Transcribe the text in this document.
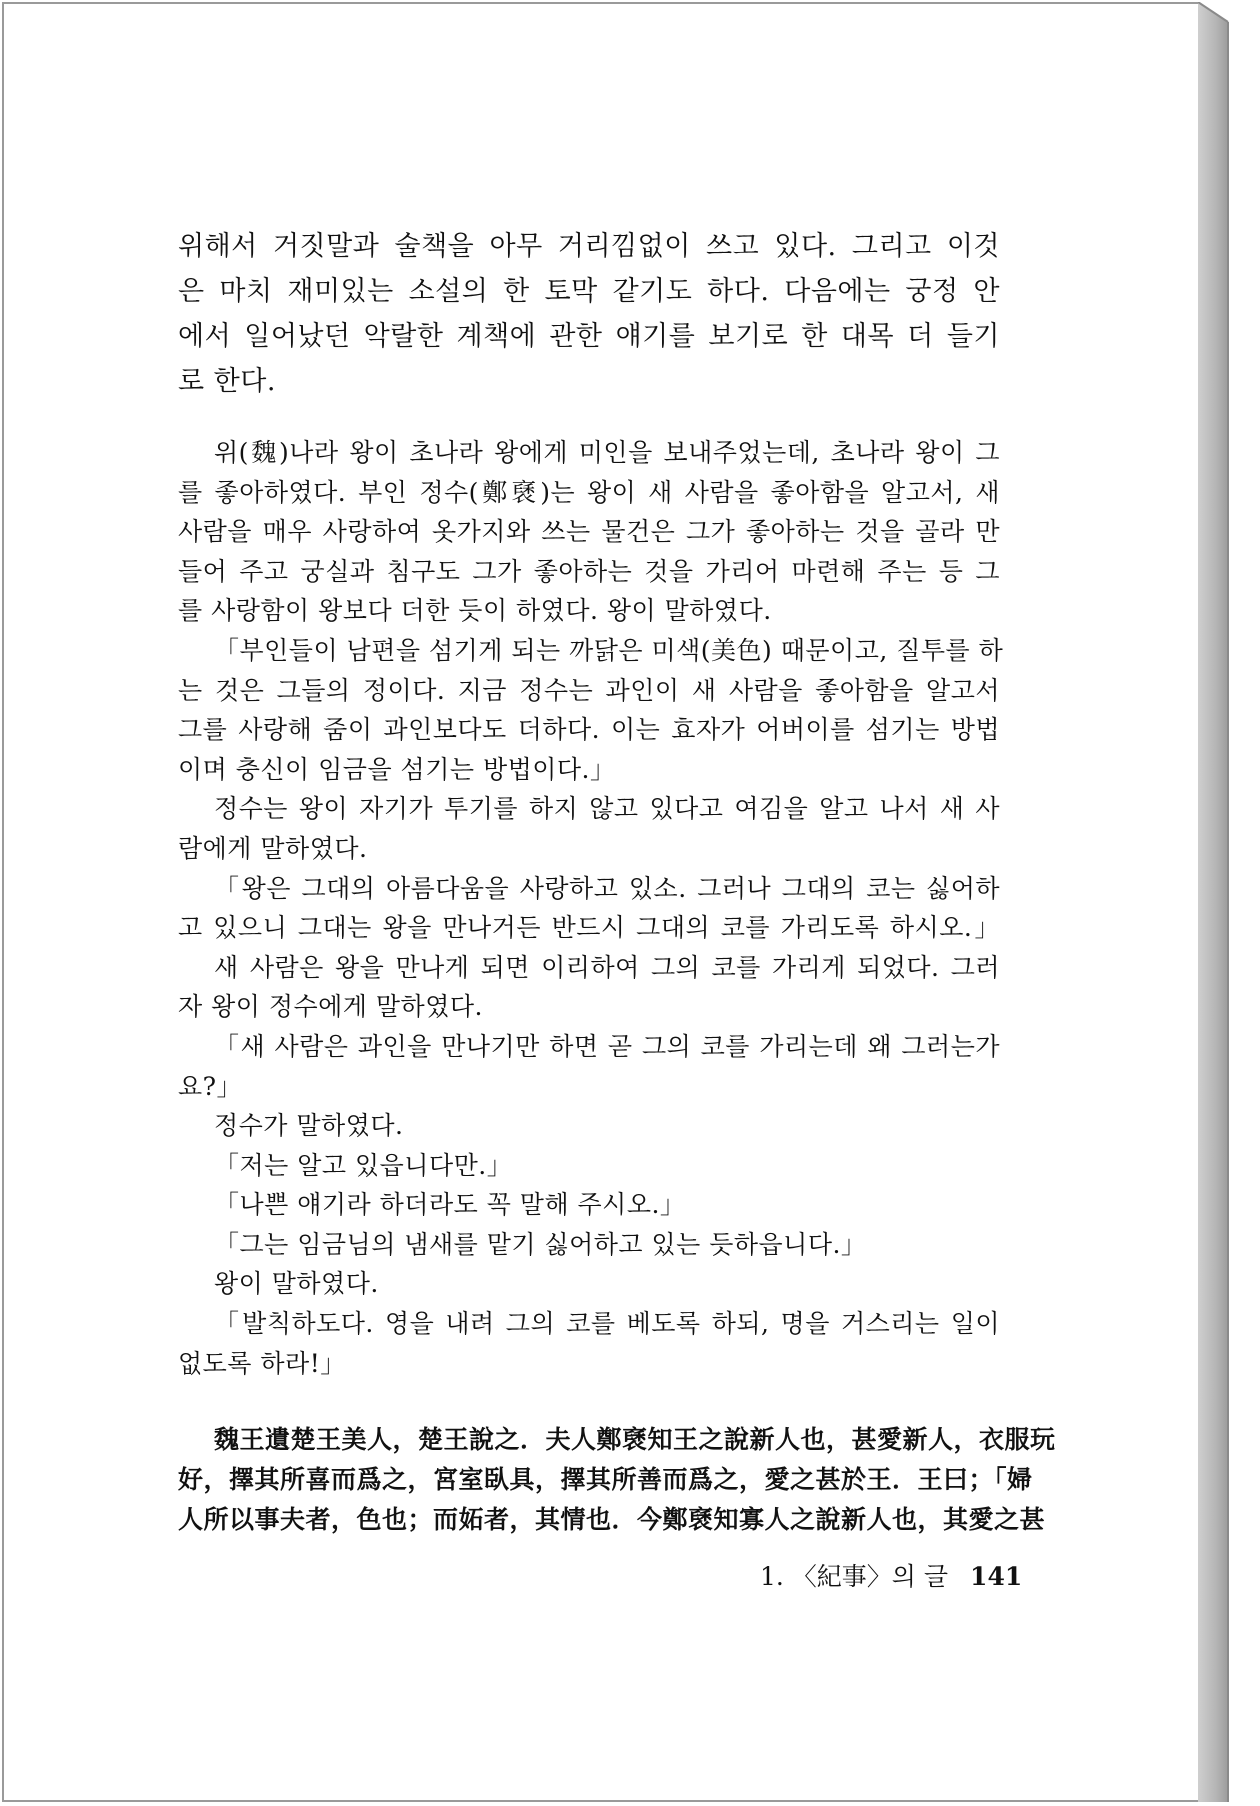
위해서 거짓말과 술책을 아무 거리낌없이 쓰고 있다. 그리고 이것
은 마치 재미있는 소설의 한 토막 같기도 하다. 다음에는 궁정 안
에서 일어났던 악랄한 계책에 관한 얘기를 보기로 한 대목 더 들기
로 한다.
위(魏)나라 왕이 초나라 왕에게 미인을 보내주었는데, 초나라 왕이 그
를 좋아하였다. 부인 정수(鄭褎)는 왕이 새 사람을 좋아함을 알고서, 새
사람을 매우 사랑하여 옷가지와 쓰는 물건은 그가 좋아하는 것을 골라 만
들어 주고 궁실과 침구도 그가 좋아하는 것을 가리어 마련해 주는 등 그
를 사랑함이 왕보다 더한 듯이 하였다. 왕이 말하였다.
「부인들이 남편을 섬기게 되는 까닭은 미색(美色) 때문이고, 질투를 하
는 것은 그들의 정이다. 지금 정수는 과인이 새 사람을 좋아함을 알고서
그를 사랑해 줌이 과인보다도 더하다. 이는 효자가 어버이를 섬기는 방법
이며 충신이 임금을 섬기는 방법이다.」
정수는 왕이 자기가 투기를 하지 않고 있다고 여김을 알고 나서 새 사
람에게 말하였다.
「왕은 그대의 아름다움을 사랑하고 있소. 그러나 그대의 코는 싫어하
고 있으니 그대는 왕을 만나거든 반드시 그대의 코를 가리도록 하시오.」
새 사람은 왕을 만나게 되면 이리하여 그의 코를 가리게 되었다. 그러
자 왕이 정수에게 말하였다.
「새 사람은 과인을 만나기만 하면 곧 그의 코를 가리는데 왜 그러는가
요?」
정수가 말하였다.
「저는 알고 있읍니다만.」
「나쁜 얘기라 하더라도 꼭 말해 주시오.」
「그는 임금님의 냄새를 맡기 싫어하고 있는 듯하읍니다.」
왕이 말하였다.
「발칙하도다. 영을 내려 그의 코를 베도록 하되, 명을 거스리는 일이
없도록 하라!」
魏王遺楚王美人，楚王說之．夫人鄭褎知王之說新人也，甚愛新人，衣服玩
好，擇其所喜而爲之，宮室臥具，擇其所善而爲之，愛之甚於王．王曰；「婦
人所以事夫者，色也；而妬者，其情也．今鄭褎知寡人之說新人也，其愛之甚
1. 〈紀事〉의 글 141
